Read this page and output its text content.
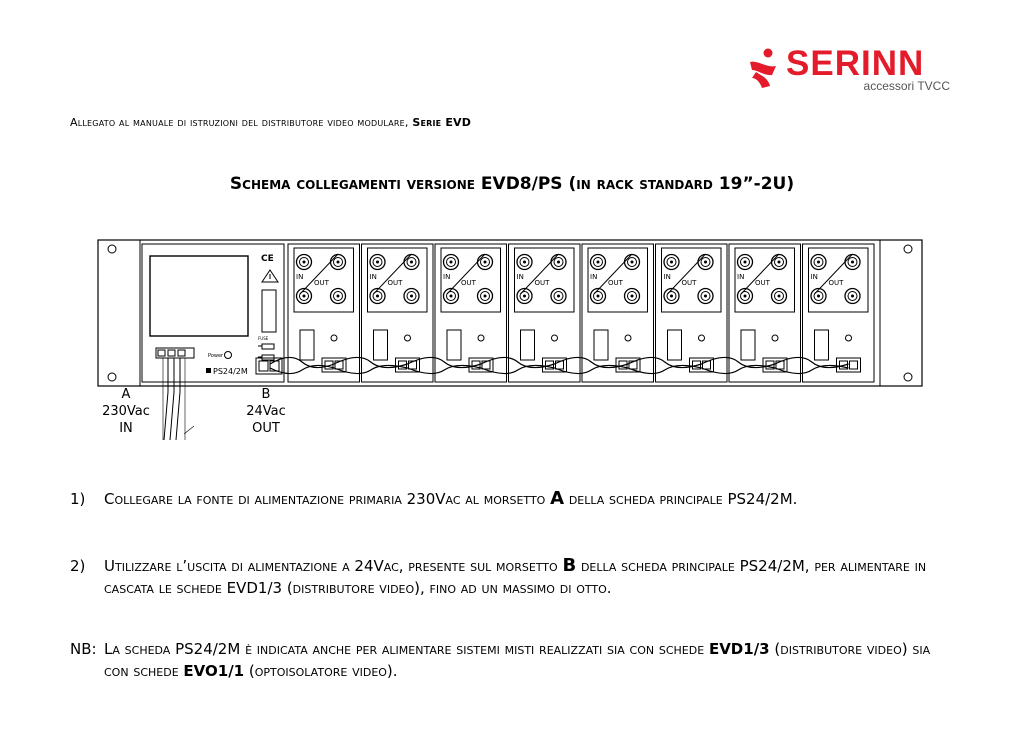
SERINN
accessori TVCC
Allegato al manuale di istruzioni del distributore video modulare, Serie EVD
Schema collegamenti versione EVD8/PS (in rack standard 19”-2U)
CE
FUSE
Power
PS24/2M
IN
OUT
IN
OUT
IN
OUT
IN
OUT
IN
OUT
IN
OUT
IN
OUT
IN
OUT
A
230Vac
IN
B
24Vac
OUT
1) Collegare la fonte di alimentazione primaria 230Vac al morsetto A della scheda principale PS24/2M.
2) Utilizzare l’uscita di alimentazione a 24Vac, presente sul morsetto B della scheda principale PS24/2M, per alimentare in cascata le schede EVD1/3 (distributore video), fino ad un massimo di otto.
NB: La scheda PS24/2M è indicata anche per alimentare sistemi misti realizzati sia con schede EVD1/3 (distributore video) sia con schede EVO1/1 (optoisolatore video).
